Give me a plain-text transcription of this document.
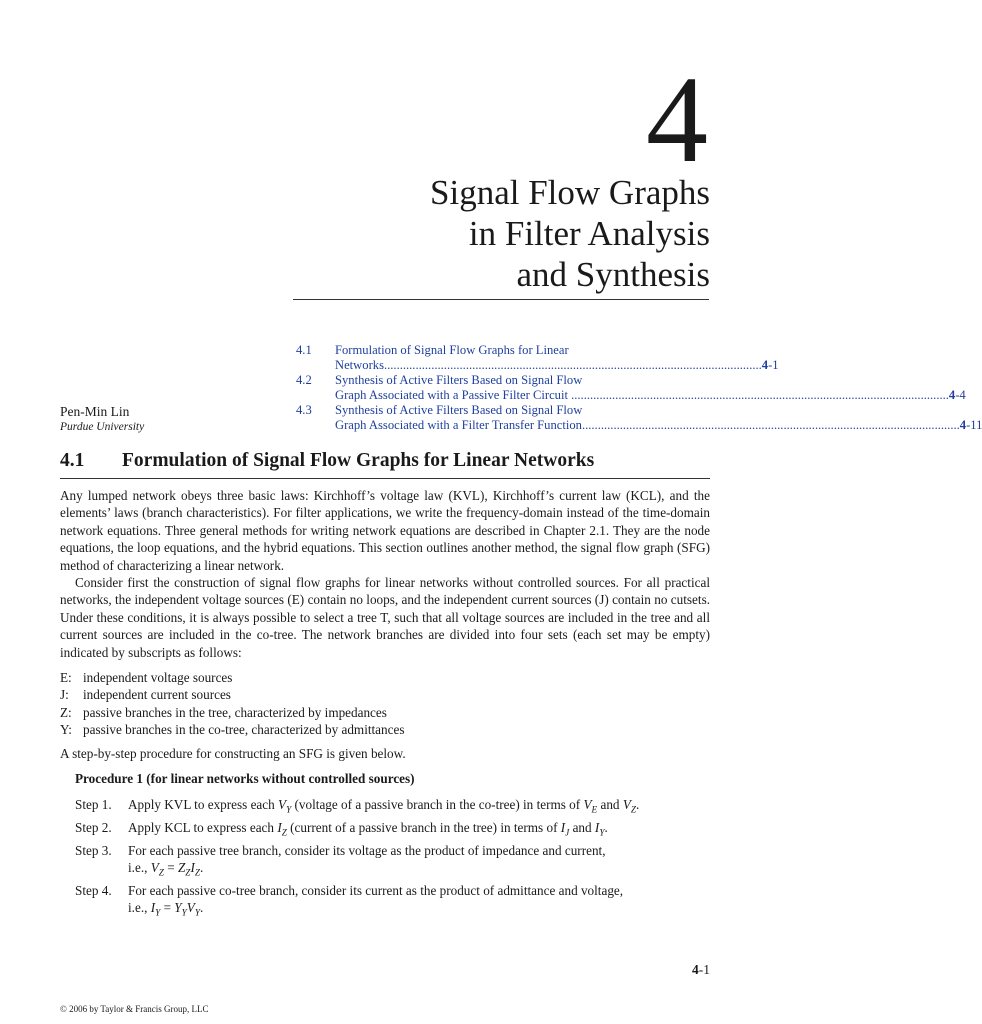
4
Signal Flow Graphs
in Filter Analysis
and Synthesis
4.1	Formulation of Signal Flow Graphs for Linear
Networks ........................................................................................................................ 4-1
4.2	Synthesis of Active Filters Based on Signal Flow
Graph Associated with a Passive Filter Circuit ........................................................................................................................ 4-4
4.3	Synthesis of Active Filters Based on Signal Flow
Graph Associated with a Filter Transfer Function ........................................................................................................................ 4-11
Pen-Min Lin
Purdue University
4.1 Formulation of Signal Flow Graphs for Linear Networks

Any lumped network obeys three basic laws: Kirchhoff’s voltage law (KVL), Kirchhoff’s current law (KCL), and the elements’ laws (branch characteristics). For filter applications, we write the frequency-domain instead of the time-domain network equations. Three general methods for writing network equations are described in Chapter 2.1. They are the node equations, the loop equations, and the hybrid equations. This section outlines another method, the signal flow graph (SFG) method of characterizing a linear network.

Consider first the construction of signal flow graphs for linear networks without controlled sources. For all practical networks, the independent voltage sources (E) contain no loops, and the independent current sources (J) contain no cutsets. Under these conditions, it is always possible to select a tree T, such that all voltage sources are included in the tree and all current sources are included in the co-tree. The network branches are divided into four sets (each set may be empty) indicated by subscripts as follows:

E: independent voltage sources
J:	independent current sources
Z: passive branches in the tree, characterized by impedances
Y: passive branches in the co-tree, characterized by admittances

A step-by-step procedure for constructing an SFG is given below.

Procedure 1 (for linear networks without controlled sources)
Step 1.	Apply KVL to express each $V_Y$ (voltage of a passive branch in the co-tree) in terms of $V_E$ and $V_Z$.
Step 2.	Apply KCL to express each $I_Z$ (current of a passive branch in the tree) in terms of $I_J$ and $I_Y$.
Step 3.	For each passive tree branch, consider its voltage as the product of impedance and current,
i.e., $V_Z = Z_ZI_Z$.
Step 4.	For each passive co-tree branch, consider its current as the product of admittance and voltage,
i.e., $I_Y = Y_YV_Y$.
4-1
© 2006 by Taylor & Francis Group, LLC
